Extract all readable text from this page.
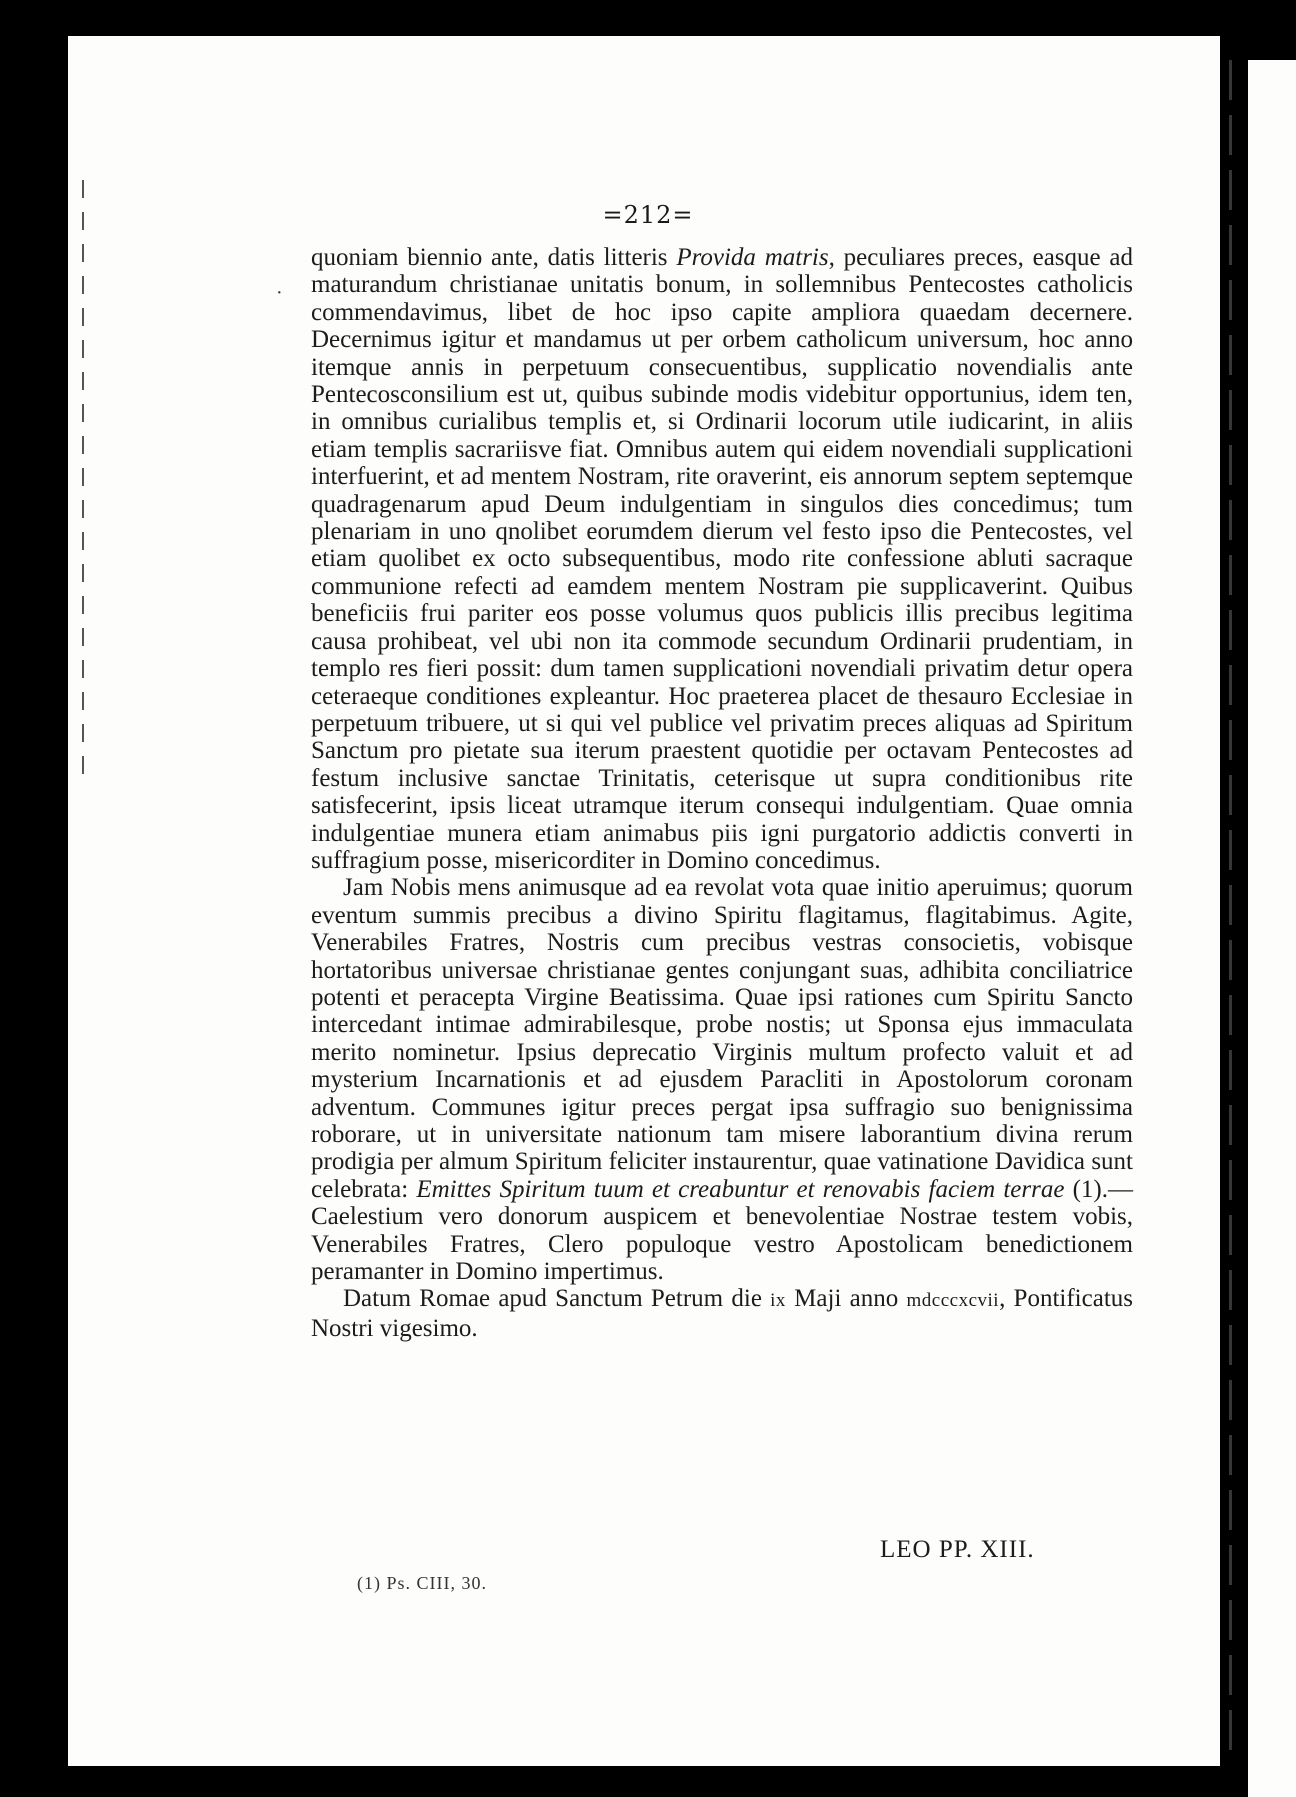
=212=
·

quoniam biennio ante, datis litteris Provida matris, peculiares preces, easque ad maturandum christianae unitatis bonum, in sollemnibus Pentecostes catholicis commendavimus, libet de hoc ipso capite ampliora quaedam decernere. Decernimus igitur et mandamus ut per orbem catholicum universum, hoc anno itemque annis in perpetuum consecuentibus, supplicatio novendialis ante Pentecosconsilium est ut, quibus subinde modis videbitur opportunius, idem ten, in omnibus curialibus templis et, si Ordinarii locorum utile iudicarint, in aliis etiam templis sacrariisve fiat. Omnibus autem qui eidem novendiali supplicationi interfuerint, et ad mentem Nostram, rite oraverint, eis annorum septem septemque quadragenarum apud Deum indulgentiam in singulos dies concedimus; tum plenariam in uno qnolibet eorumdem dierum vel festo ipso die Pentecostes, vel etiam quolibet ex octo subsequentibus, modo rite confessione abluti sacraque communione refecti ad eamdem mentem Nostram pie supplicaverint. Quibus beneficiis frui pariter eos posse volumus quos publicis illis precibus legitima causa prohibeat, vel ubi non ita commode secundum Ordinarii prudentiam, in templo res fieri possit: dum tamen supplicationi novendiali privatim detur opera ceteraeque conditiones expleantur. Hoc praeterea placet de thesauro Ecclesiae in perpetuum tribuere, ut si qui vel publice vel privatim preces aliquas ad Spiritum Sanctum pro pietate sua iterum praestent quotidie per octavam Pentecostes ad festum inclusive sanctae Trinitatis, ceterisque ut supra conditionibus rite satisfecerint, ipsis liceat utramque iterum consequi indulgentiam. Quae omnia indulgentiae munera etiam animabus piis igni purgatorio addictis converti in suffragium posse, misericorditer in Domino concedimus.

Jam Nobis mens animusque ad ea revolat vota quae initio aperuimus; quorum eventum summis precibus a divino Spiritu flagitamus, flagitabimus. Agite, Venerabiles Fratres, Nostris cum precibus vestras consocietis, vobisque hortatoribus universae christianae gentes conjungant suas, adhibita conciliatrice potenti et peracepta Virgine Beatissima. Quae ipsi rationes cum Spiritu Sancto intercedant intimae admirabilesque, probe nostis; ut Sponsa ejus immaculata merito nominetur. Ipsius deprecatio Virginis multum profecto valuit et ad mysterium Incarnationis et ad ejusdem Paracliti in Apostolorum coronam adventum. Communes igitur preces pergat ipsa suffragio suo benignissima roborare, ut in universitate nationum tam misere laborantium divina rerum prodigia per almum Spiritum feliciter instaurentur, quae vatinatione Davidica sunt celebrata: Emittes Spiritum tuum et creabuntur et renovabis faciem terrae (1).—Caelestium vero donorum auspicem et benevolentiae Nostrae testem vobis, Venerabiles Fratres, Clero populoque vestro Apostolicam benedictionem peramanter in Domino impertimus.

Datum Romae apud Sanctum Petrum die ix Maji anno mdcccxcvii, Pontificatus Nostri vigesimo.

LEO PP. XIII.
(1) Ps. CIII, 30.
